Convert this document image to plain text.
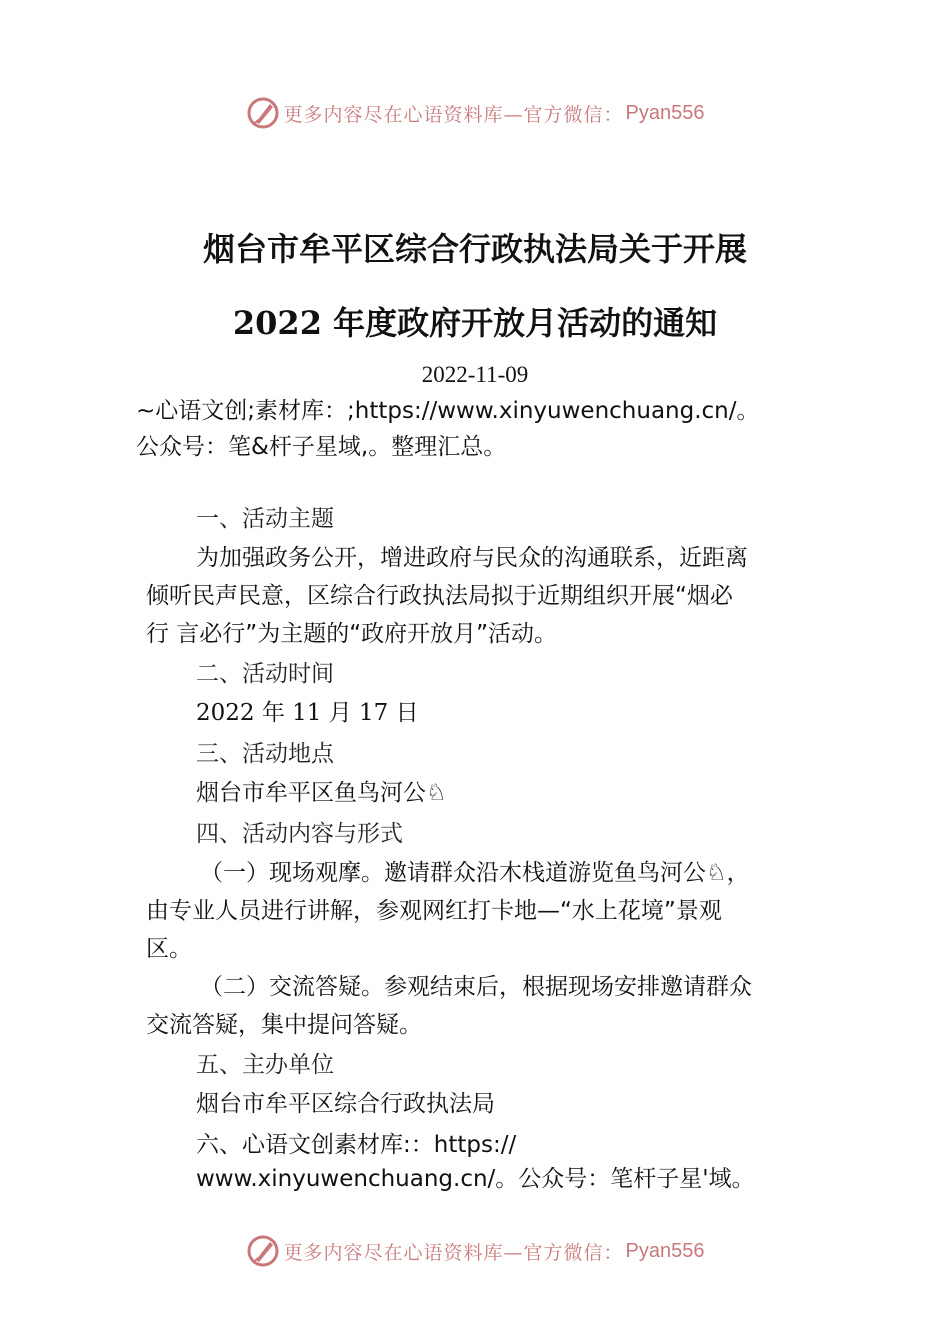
更多内容尽在心语资料库—官方微信： Pyan556
烟台市牟平区综合行政执法局关于开展
2022 年度政府开放月活动的通知
2022-11-09
~心语文创;素材库：;https://www.xinyuwenchuang.cn/。
公众号：笔&杆子星域,。整理汇总。
一、活动主题
为加强政务公开，增进政府与民众的沟通联系，近距离
倾听民声民意，区综合行政执法局拟于近期组织开展“烟必
行 言必行”为主题的“政府开放月”活动。
二、活动时间
2022 年 11 月 17 日
三、活动地点
烟台市牟平区鱼鸟河公♘
四、活动内容与形式
（一）现场观摩。邀请群众沿木栈道游览鱼鸟河公♘，
由专业人员进行讲解，参观网红打卡地—“水上花境”景观
区。
（二）交流答疑。参观结束后，根据现场安排邀请群众
交流答疑，集中提问答疑。
五、主办单位
烟台市牟平区综合行政执法局
六、心语文创素材库:：https://
www.xinyuwenchuang.cn/。公众号：笔杆子星'域。
更多内容尽在心语资料库—官方微信： Pyan556
